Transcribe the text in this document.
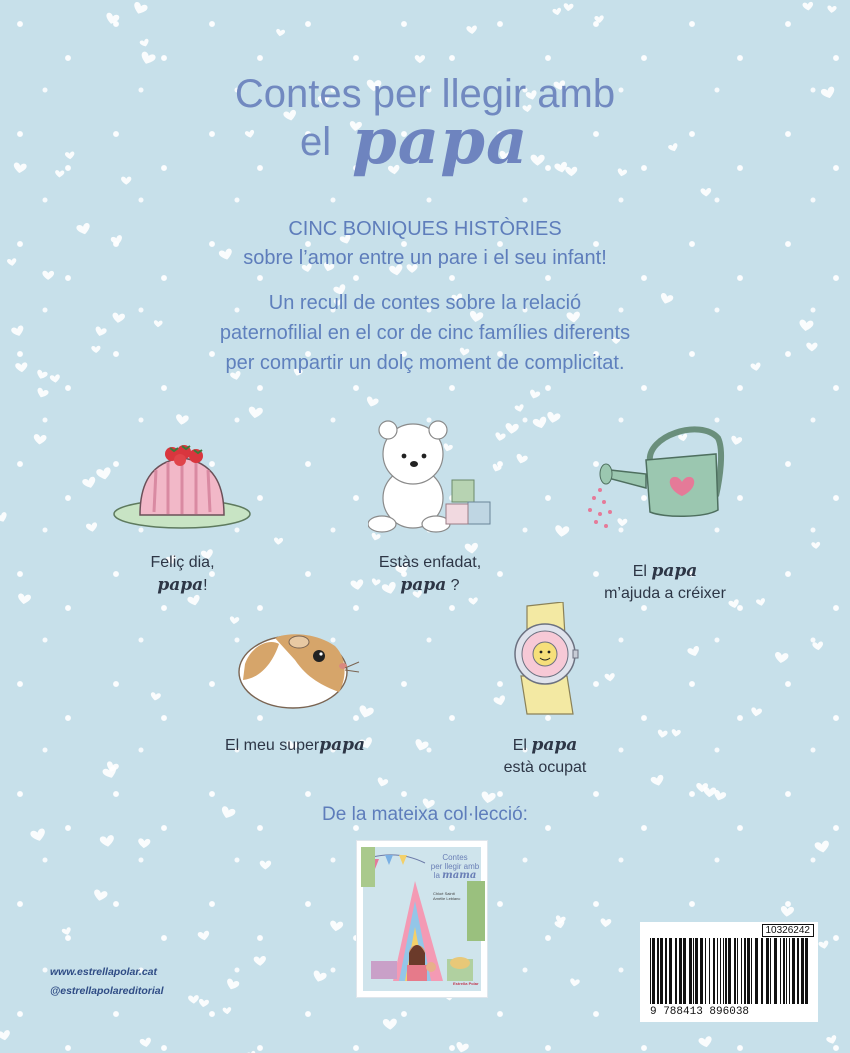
Contes per llegir amb
el papa
CINC BONIQUES HISTÒRIES
sobre l’amor entre un pare i el seu infant!
Un recull de contes sobre la relació
paternofilial en el cor de cinc famílies diferents
per compartir un dolç moment de complicitat.
Feliç dia,
papa!
Estàs enfadat,
papa ?
El papa
m’ajuda a créixer
El meu superpapa	El papa
està ocupat
De la mateixa col·lecció:
Contes
per llegir amb
la mama
Chloé Saintt
Amélie Leblanc
Estrella Polar
www.estrellapolar.cat
@estrellapolareditorial
10326242
9 788413 896038
